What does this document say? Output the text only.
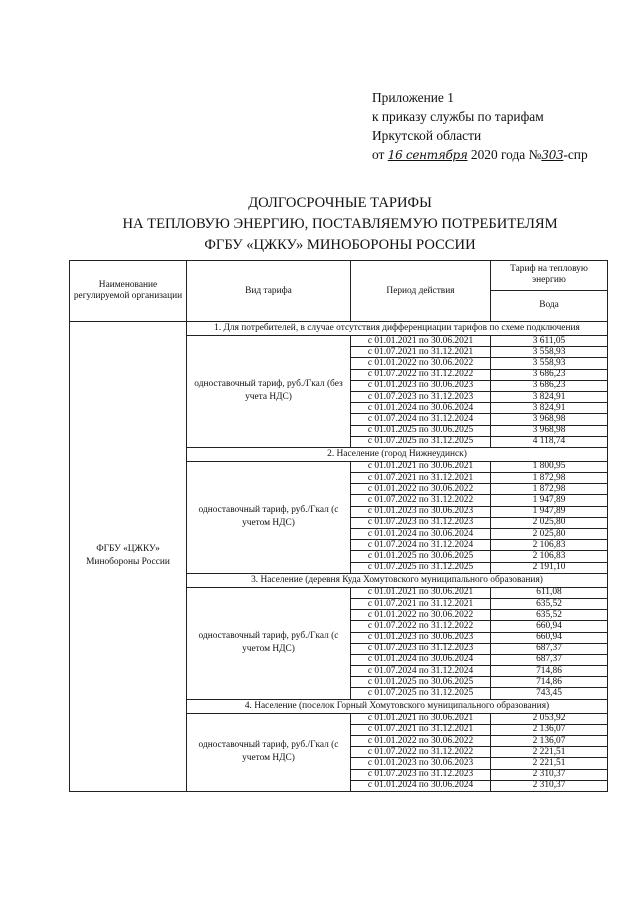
Приложение 1
к приказу службы по тарифам
Иркутской области
от 16 сентября 2020 года №303-спр
ДОЛГОСРОЧНЫЕ ТАРИФЫ
НА ТЕПЛОВУЮ ЭНЕРГИЮ, ПОСТАВЛЯЕМУЮ ПОТРЕБИТЕЛЯМ
ФГБУ «ЦЖКУ» МИНОБОРОНЫ РОССИИ
Наименование регулируемой организации	Вид тарифа	Период действия	Тариф на тепловую энергию
			Вода
ФГБУ «ЦЖКУ» Минобороны России	1. Для потребителей, в случае отсутствия дифференциации тарифов по схеме подключения		
	одноставочный тариф, руб./Гкал (без учета НДС)	с 01.01.2021 по 30.06.2021	3 611,05
		с 01.07.2021 по 31.12.2021	3 558,93
		с 01.01.2022 по 30.06.2022	3 558,93
		с 01.07.2022 по 31.12.2022	3 686,23
		с 01.01.2023 по 30.06.2023	3 686,23
		с 01.07.2023 по 31.12.2023	3 824,91
		с 01.01.2024 по 30.06.2024	3 824,91
		с 01.07.2024 по 31.12.2024	3 968,98
		с 01.01.2025 по 30.06.2025	3 968,98
		с 01.07.2025 по 31.12.2025	4 118,74
	2. Население (город Нижнеудинск)		
	одноставочный тариф, руб./Гкал (с учетом НДС)	с 01.01.2021 по 30.06.2021	1 800,95
		с 01.07.2021 по 31.12.2021	1 872,98
		с 01.01.2022 по 30.06.2022	1 872,98
		с 01.07.2022 по 31.12.2022	1 947,89
		с 01.01.2023 по 30.06.2023	1 947,89
		с 01.07.2023 по 31.12.2023	2 025,80
		с 01.01.2024 по 30.06.2024	2 025,80
		с 01.07.2024 по 31.12.2024	2 106,83
		с 01.01.2025 по 30.06.2025	2 106,83
		с 01.07.2025 по 31.12.2025	2 191,10
	3. Население (деревня Куда Хомутовского муниципального образования)		
	одноставочный тариф, руб./Гкал (с учетом НДС)	с 01.01.2021 по 30.06.2021	611,08
		с 01.07.2021 по 31.12.2021	635,52
		с 01.01.2022 по 30.06.2022	635,52
		с 01.07.2022 по 31.12.2022	660,94
		с 01.01.2023 по 30.06.2023	660,94
		с 01.07.2023 по 31.12.2023	687,37
		с 01.01.2024 по 30.06.2024	687,37
		с 01.07.2024 по 31.12.2024	714,86
		с 01.01.2025 по 30.06.2025	714,86
		с 01.07.2025 по 31.12.2025	743,45
	4. Население (поселок Горный Хомутовского муниципального образования)		
	одноставочный тариф, руб./Гкал (с учетом НДС)	с 01.01.2021 по 30.06.2021	2 053,92
		с 01.07.2021 по 31.12.2021	2 136,07
		с 01.01.2022 по 30.06.2022	2 136,07
		с 01.07.2022 по 31.12.2022	2 221,51
		с 01.01.2023 по 30.06.2023	2 221,51
		с 01.07.2023 по 31.12.2023	2 310,37
		с 01.01.2024 по 30.06.2024	2 310,37
